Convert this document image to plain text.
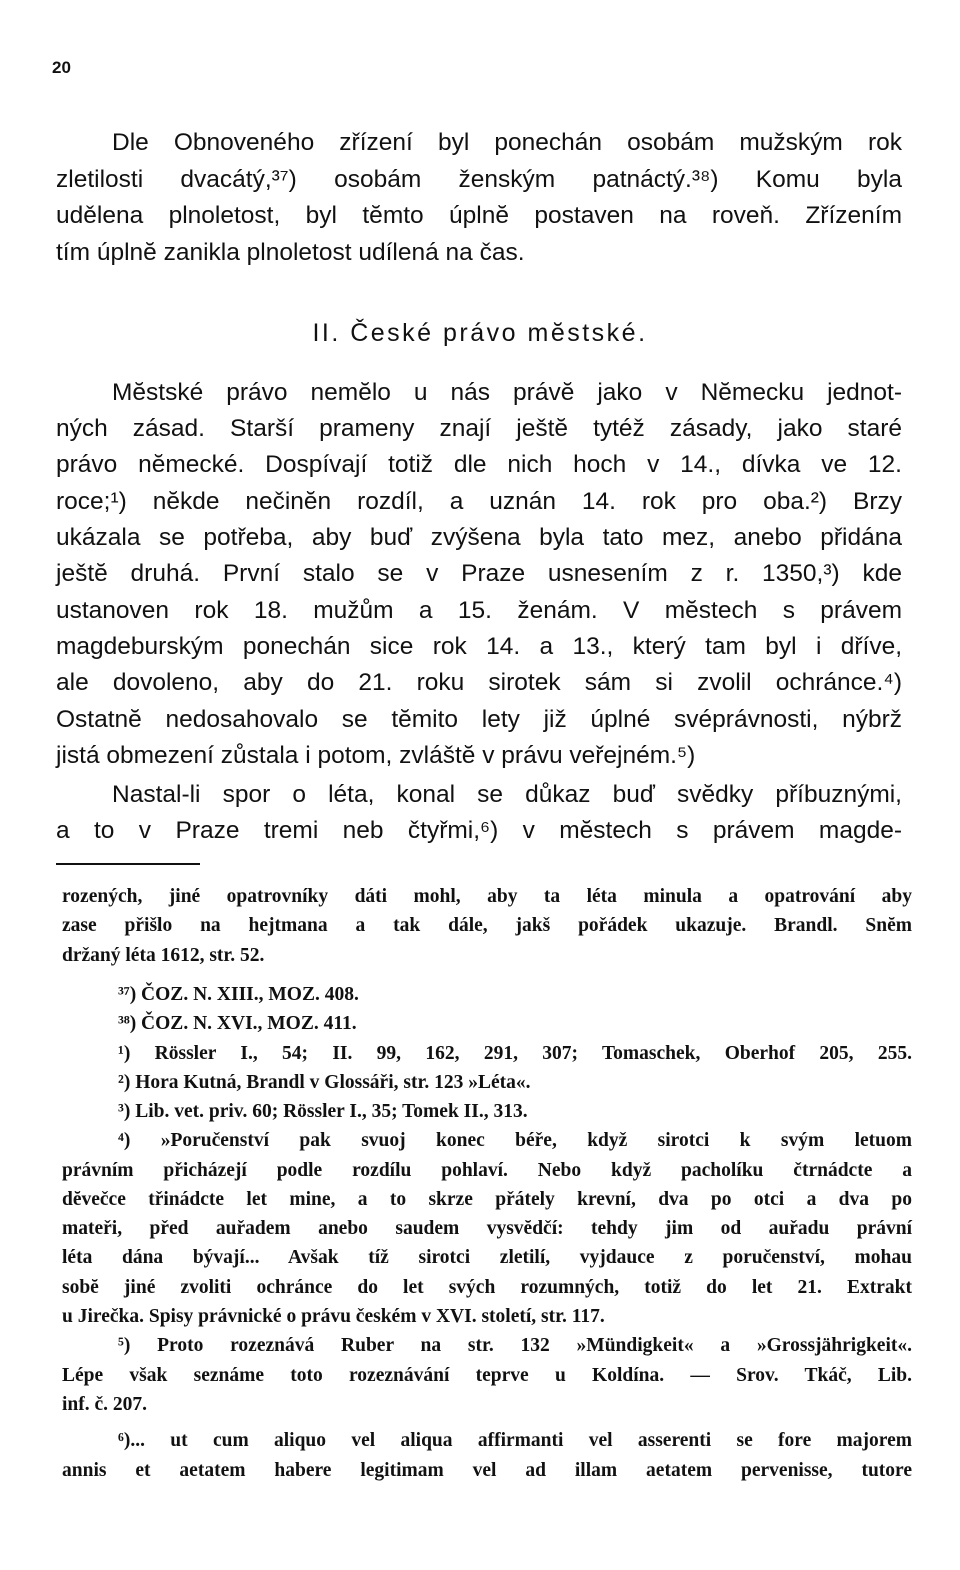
20
Dle Obnoveného zřízení byl ponechán osobám mužským rok
zletilosti dvacátý,³⁷) osobám ženským patnáctý.³⁸) Komu byla
udělena plnoletost, byl tĕmto úplnĕ postaven na roveň. Zřízením
tím úplnĕ zanikla plnoletost udílená na čas.
II. České právo mĕstské.
Mĕstské právo nemĕlo u nás právĕ jako v Nĕmecku jednot-
ných zásad. Starší prameny znají ještĕ tytéž zásady, jako staré
právo nĕmecké. Dospívají totiž dle nich hoch v 14., dívka ve 12.
roce;¹) nĕkde nečinĕn rozdíl, a uznán 14. rok pro oba.²) Brzy
ukázala se potřeba, aby buď zvýšena byla tato mez, anebo přidána
ještĕ druhá. První stalo se v Praze usnesením z r. 1350,³) kde
ustanoven rok 18. mužům a 15. ženám. V mĕstech s právem
magdeburským ponechán sice rok 14. a 13., který tam byl i dříve,
ale dovoleno, aby do 21. roku sirotek sám si zvolil ochránce.⁴)
Ostatnĕ nedosahovalo se tĕmito lety již úplné svéprávnosti, nýbrž
jistá obmezení zůstala i potom, zvláštĕ v právu veřejném.⁵)
Nastal-li spor o léta, konal se důkaz buď svĕdky příbuznými,
a to v Praze tremi neb čtyřmi,⁶) v mĕstech s právem magde-
rozených, jiné opatrovníky dáti mohl, aby ta léta minula a opatrování aby
zase přišlo na hejtmana a tak dále, jakš pořádek ukazuje. Brandl. Snĕm
držaný léta 1612, str. 52.
³⁷) ČOZ. N. XIII., MOZ. 408.
³⁸) ČOZ. N. XVI., MOZ. 411.
¹) Rössler I., 54; II. 99, 162, 291, 307; Tomaschek, Oberhof 205, 255.
²) Hora Kutná, Brandl v Glossáři, str. 123 »Léta«.
³) Lib. vet. priv. 60; Rössler I., 35; Tomek II., 313.
⁴) »Poručenství pak svuoj konec béře, když sirotci k svým letuom
právním přicházejí podle rozdílu pohlaví. Nebo když pacholíku čtrnádcte a
dĕvečce třinádcte let mine, a to skrze přátely krevní, dva po otci a dva po
mateři, před auřadem anebo saudem vysvĕdčí: tehdy jim od auřadu právní
léta dána bývají... Avšak tíž sirotci zletilí, vyjdauce z poručenství, mohau
sobĕ jiné zvoliti ochránce do let svých rozumných, totiž do let 21. Extrakt
u Jirečka. Spisy právnické o právu českém v XVI. století, str. 117.
⁵) Proto rozeznává Ruber na str. 132 »Mündigkeit« a »Grossjährigkeit«.
Lépe však seznáme toto rozeznávání teprve u Koldína. — Srov. Tkáč, Lib.
inf. č. 207.
⁶)... ut cum aliquo vel aliqua affirmanti vel asserenti se fore majorem
annis et aetatem habere legitimam vel ad illam aetatem pervenisse, tutore
